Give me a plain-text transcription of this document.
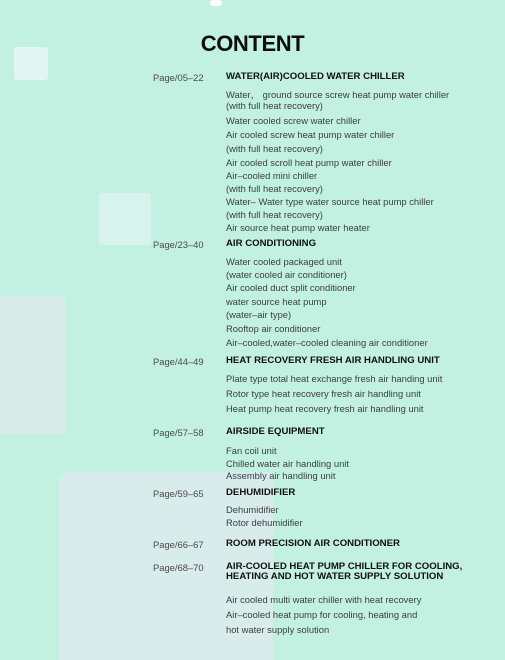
CONTENT
Page/05–22 WATER(AIR)COOLED WATER CHILLER
Water， ground source screw heat pump water chiller
(with full heat recovery)
Water cooled screw water chiller
Air cooled screw heat pump water chiller
(with full heat recovery)
Air cooled scroll heat pump water chiller
Air–cooled mini chiller
(with full heat recovery)
Water– Water type water source heat pump chiller
(with full heat recovery)
Air source heat pump water heater
Page/23–40 AIR CONDITIONING
Water cooled packaged unit
(water cooled air conditioner)
Air cooled duct split conditioner
water source heat pump
(water–air type)
Rooftop air conditioner
Air–cooled,water–cooled cleaning air conditioner
Page/44–49 HEAT RECOVERY FRESH AIR HANDLING UNIT
Plate type total heat exchange fresh air handing unit
Rotor type heat recovery fresh air handling unit
Heat pump heat recovery fresh air handling unit
Page/57–58 AIRSIDE EQUIPMENT
Fan coil unit
Chilled water air handling unit
Assembly air handling unit
Page/59–65 DEHUMIDIFIER
Dehumidifier
Rotor dehumidifier
Page/66–67 ROOM PRECISION AIR CONDITIONER
Page/68–70 AIR-COOLED HEAT PUMP CHILLER FOR COOLING, HEATING AND HOT WATER SUPPLY SOLUTION
Air cooled multi water chiller with heat recovery
Air–cooled heat pump for cooling, heating and
hot water supply solution
